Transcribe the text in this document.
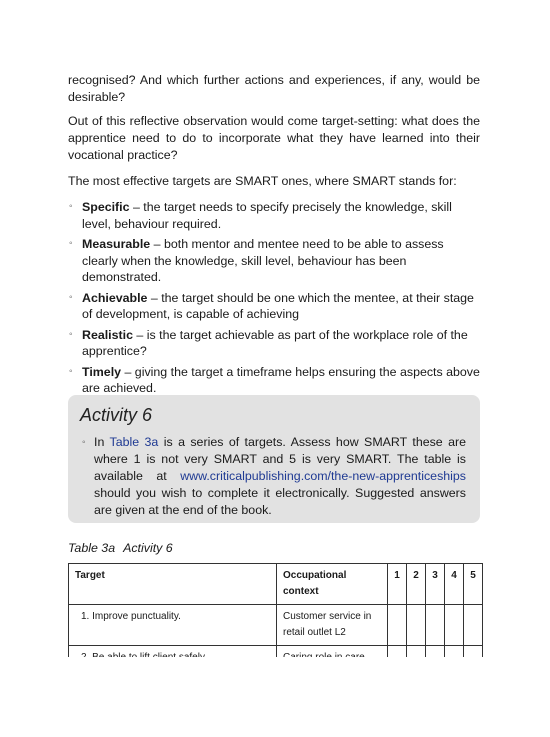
recognised? And which further actions and experiences, if any, would be desirable?

Out of this reflective observation would come target-setting: what does the apprentice need to do to incorporate what they have learned into their vocational practice?

The most effective targets are SMART ones, where SMART stands for:

◦ Specific – the target needs to specify precisely the knowledge, skill level, behaviour required.
◦ Measurable – both mentor and mentee need to be able to assess clearly when the knowledge, skill level, behaviour has been demonstrated.
◦ Achievable – the target should be one which the mentee, at their stage of development, is capable of achieving
◦ Realistic – is the target achievable as part of the workplace role of the apprentice?
◦ Timely – giving the target a timeframe helps ensuring the aspects above are achieved.
Activity 6

◦ In Table 3a is a series of targets. Assess how SMART these are where 1 is not very SMART and 5 is very SMART. The table is available at www.criticalpublishing.com/the-new-apprenticeships should you wish to complete it electronically. Suggested answers are given at the end of the book.

Table 3a Activity 6
Target	Occupational context	1	2	3	4	5
1. Improve punctuality.	Customer service in retail outlet L2					
